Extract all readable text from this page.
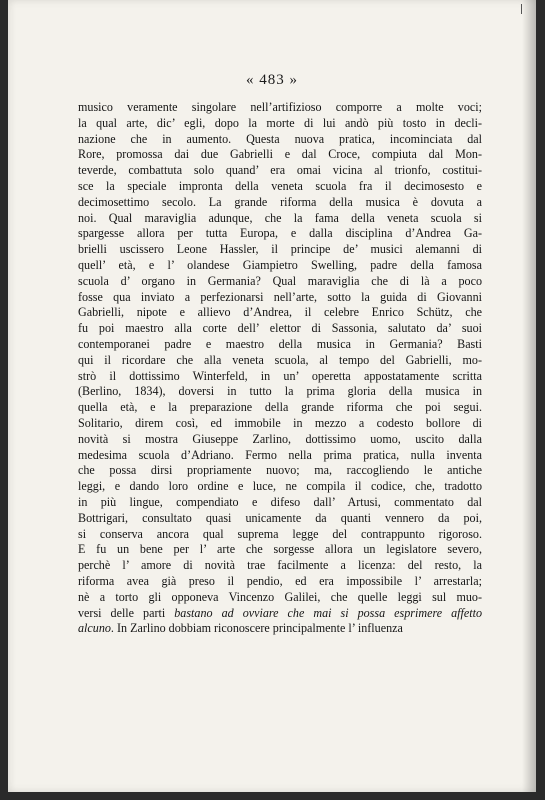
« 483 »
musico veramente singolare nell’artifizioso comporre a molte voci;
la qual arte, dic’ egli, dopo la morte di lui andò più tosto in decli-
nazione che in aumento. Questa nuova pratica, incominciata dal
Rore, promossa dai due Gabrielli e dal Croce, compiuta dal Mon-
teverde, combattuta solo quand’ era omai vicina al trionfo, costitui-
sce la speciale impronta della veneta scuola fra il decimosesto e
decimosettimo secolo. La grande riforma della musica è dovuta a
noi. Qual maraviglia adunque, che la fama della veneta scuola si
spargesse allora per tutta Europa, e dalla disciplina d’Andrea Ga-
brielli uscissero Leone Hassler, il principe de’ musici alemanni di
quell’ età, e l’ olandese Giampietro Swelling, padre della famosa
scuola d’ organo in Germania? Qual maraviglia che di là a poco
fosse qua inviato a perfezionarsi nell’arte, sotto la guida di Giovanni
Gabrielli, nipote e allievo d’Andrea, il celebre Enrico Schütz, che
fu poi maestro alla corte dell’ elettor di Sassonia, salutato da’ suoi
contemporanei padre e maestro della musica in Germania? Basti
qui il ricordare che alla veneta scuola, al tempo del Gabrielli, mo-
strò il dottissimo Winterfeld, in un’ operetta appostatamente scritta
(Berlino, 1834), doversi in tutto la prima gloria della musica in
quella età, e la preparazione della grande riforma che poi segui.
Solitario, direm così, ed immobile in mezzo a codesto bollore di
novità si mostra Giuseppe Zarlino, dottissimo uomo, uscito dalla
medesima scuola d’Adriano. Fermo nella prima pratica, nulla inventa
che possa dirsi propriamente nuovo; ma, raccogliendo le antiche
leggi, e dando loro ordine e luce, ne compila il codice, che, tradotto
in più lingue, compendiato e difeso dall’ Artusi, commentato dal
Bottrigari, consultato quasi unicamente da quanti vennero da poi,
si conserva ancora qual suprema legge del contrappunto rigoroso.
E fu un bene per l’ arte che sorgesse allora un legislatore severo,
perchè l’ amore di novità trae facilmente a licenza: del resto, la
riforma avea già preso il pendio, ed era impossibile l’ arrestarla;
nè a torto gli opponeva Vincenzo Galilei, che quelle leggi sul muo-
versi delle parti bastano ad ovviare che mai si possa esprimere affetto
alcuno. In Zarlino dobbiam riconoscere principalmente l’ influenza
